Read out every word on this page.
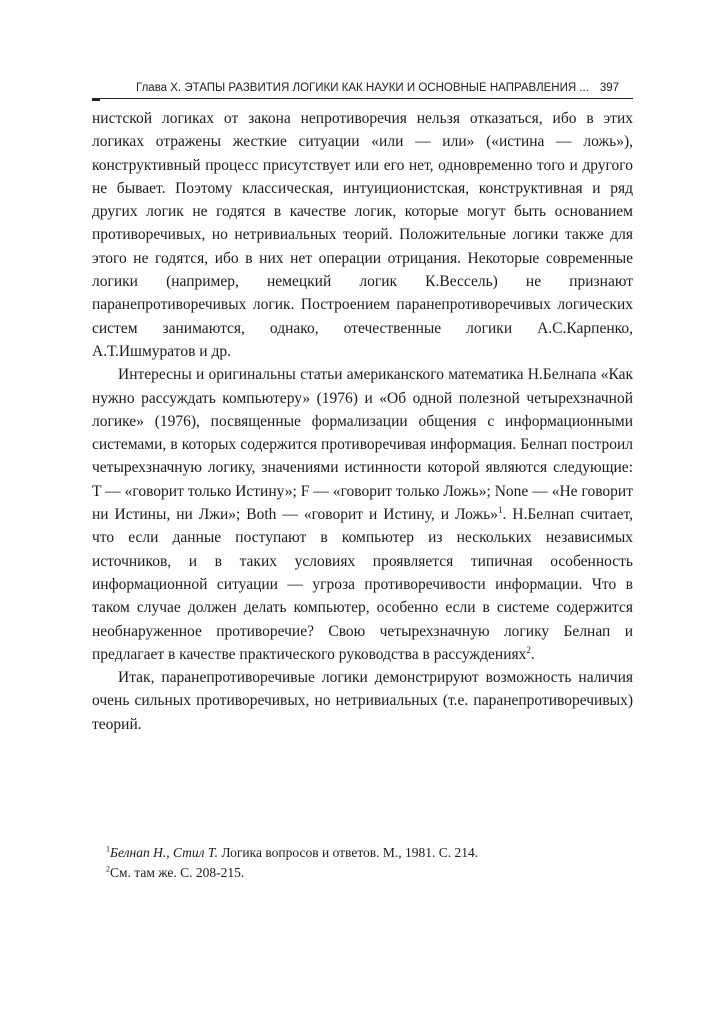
Глава X. ЭТАПЫ РАЗВИТИЯ ЛОГИКИ КАК НАУКИ И ОСНОВНЫЕ НАПРАВЛЕНИЯ ... 397

нистской логиках от закона непротиворечия нельзя отказаться, ибо в этих логиках отражены жесткие ситуации «или — или» («истина — ложь»), конструктивный процесс присутствует или его нет, одновременно того и другого не бывает. Поэтому классическая, интуиционистская, конструктивная и ряд других логик не годятся в качестве логик, которые могут быть основанием противоречивых, но нетривиальных теорий. Положительные логики также для этого не годятся, ибо в них нет операции отрицания. Некоторые современные логики (например, немецкий логик К.Вессель) не признают паранепротиворечивых логик. Построением паранепротиворечивых логических систем занимаются, однако, отечественные логики А.С.Карпенко, А.Т.Ишмуратов и др.

Интересны и оригинальны статьи американского математика Н.Белнапа «Как нужно рассуждать компьютеру» (1976) и «Об одной полезной четырехзначной логике» (1976), посвященные формализации общения с информационными системами, в которых содержится противоречивая информация. Белнап построил четырехзначную логику, значениями истинности которой являются следующие: T — «говорит только Истину»; F — «говорит только Ложь»; None — «Не говорит ни Истины, ни Лжи»; Both — «говорит и Истину, и Ложь»$^1$. Н.Белнап считает, что если данные поступают в компьютер из нескольких независимых источников, и в таких условиях проявляется типичная особенность информационной ситуации — угроза противоречивости информации. Что в таком случае должен делать компьютер, особенно если в системе содержится необнаруженное противоречие? Свою четырехзначную логику Белнап и предлагает в качестве практического руководства в рассуждениях$^2$.

Итак, паранепротиворечивые логики демонстрируют возможность наличия очень сильных противоречивых, но нетривиальных (т.е. паранепротиворечивых) теорий.

$^1$Белнап Н., Стил Т. Логика вопросов и ответов. М., 1981. С. 214.

$^2$См. там же. С. 208-215.
